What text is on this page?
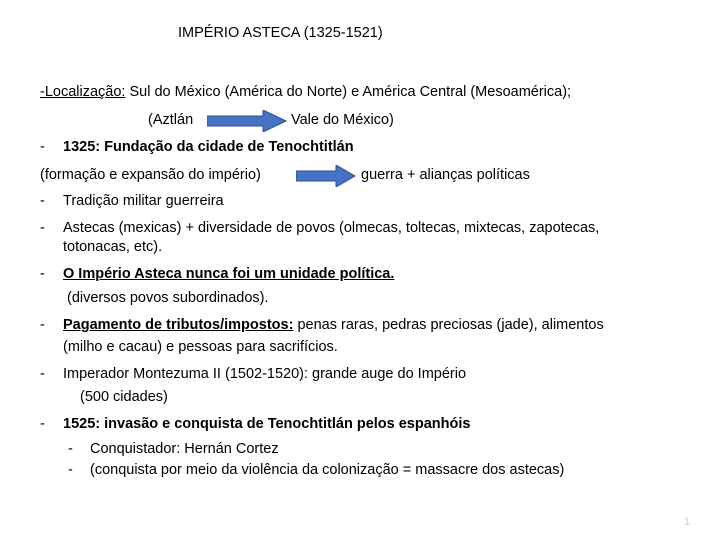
IMPÉRIO ASTECA (1325-1521)
-Localização: Sul do México (América do Norte) e América Central (Mesoamérica);
(Aztlán	Vale do México)
- 1325: Fundação da cidade de Tenochtitlán
(formação e expansão do império)	guerra + alianças políticas
- Tradição militar guerreira
- Astecas (mexicas) + diversidade de povos (olmecas, toltecas, mixtecas, zapotecas,
totonacas, etc).
- O Império Asteca nunca foi um unidade política.
(diversos povos subordinados).
- Pagamento de tributos/impostos: penas raras, pedras preciosas (jade), alimentos
(milho e cacau) e pessoas para sacrifícios.
- Imperador Montezuma II (1502-1520): grande auge do Império
(500 cidades)
- 1525: invasão e conquista de Tenochtitlán pelos espanhóis
- Conquistador: Hernán Cortez
- (conquista por meio da violência da colonização = massacre dos astecas)
1
